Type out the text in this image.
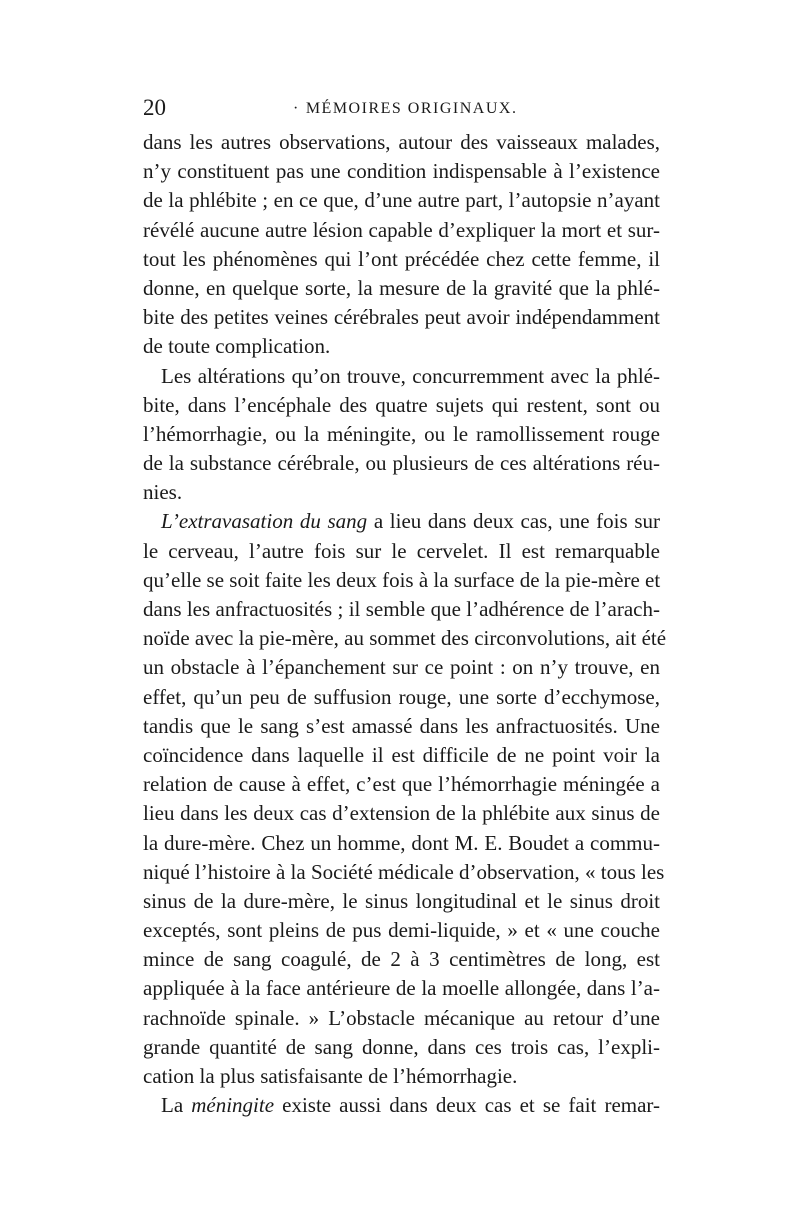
20	· MÉMOIRES ORIGINAUX.
dans les autres observations, autour des vaisseaux malades,
n’y constituent pas une condition indispensable à l’existence
de la phlébite ; en ce que, d’une autre part, l’autopsie n’ayant
révélé aucune autre lésion capable d’expliquer la mort et sur-
tout les phénomènes qui l’ont précédée chez cette femme, il
donne, en quelque sorte, la mesure de la gravité que la phlé-
bite des petites veines cérébrales peut avoir indépendamment
de toute complication.
Les altérations qu’on trouve, concurremment avec la phlé-
bite, dans l’encéphale des quatre sujets qui restent, sont ou
l’hémorrhagie, ou la méningite, ou le ramollissement rouge
de la substance cérébrale, ou plusieurs de ces altérations réu-
nies.
L’extravasation du sang a lieu dans deux cas, une fois sur
le cerveau, l’autre fois sur le cervelet. Il est remarquable
qu’elle se soit faite les deux fois à la surface de la pie-mère et
dans les anfractuosités ; il semble que l’adhérence de l’arach-
noïde avec la pie-mère, au sommet des circonvolutions, ait été
un obstacle à l’épanchement sur ce point : on n’y trouve, en
effet, qu’un peu de suffusion rouge, une sorte d’ecchymose,
tandis que le sang s’est amassé dans les anfractuosités. Une
coïncidence dans laquelle il est difficile de ne point voir la
relation de cause à effet, c’est que l’hémorrhagie méningée a
lieu dans les deux cas d’extension de la phlébite aux sinus de
la dure-mère. Chez un homme, dont M. E. Boudet a commu-
niqué l’histoire à la Société médicale d’observation, « tous les
sinus de la dure-mère, le sinus longitudinal et le sinus droit
exceptés, sont pleins de pus demi-liquide, » et « une couche
mince de sang coagulé, de 2 à 3 centimètres de long, est
appliquée à la face antérieure de la moelle allongée, dans l’a-
rachnoïde spinale. » L’obstacle mécanique au retour d’une
grande quantité de sang donne, dans ces trois cas, l’expli-
cation la plus satisfaisante de l’hémorrhagie.
La méningite existe aussi dans deux cas et se fait remar-
